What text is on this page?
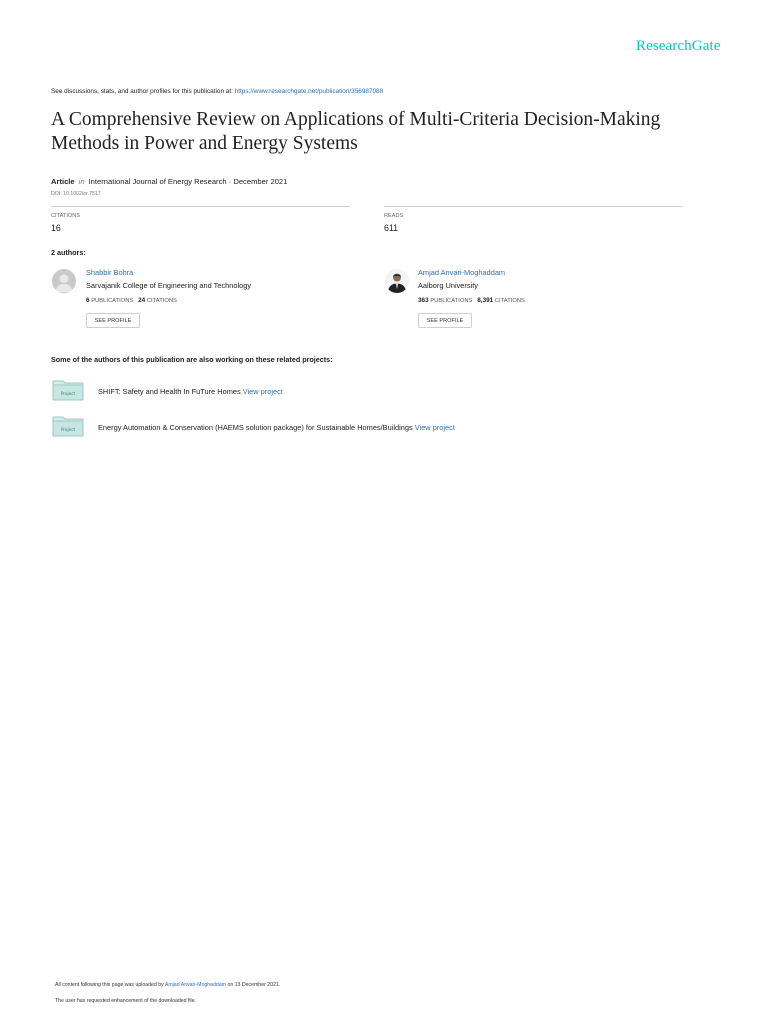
ResearchGate
See discussions, stats, and author profiles for this publication at: https://www.researchgate.net/publication/356987088
A Comprehensive Review on Applications of Multi-Criteria Decision-Making Methods in Power and Energy Systems
Article in International Journal of Energy Research · December 2021
DOI: 10.1002/er.7517
CITATIONS
16
READS
611
2 authors:
Shabbir Bohra
Sarvajanik College of Engineering and Technology
6 PUBLICATIONS 24 CITATIONS
SEE PROFILE
Amjad Anvari-Moghaddam
Aalborg University
363 PUBLICATIONS 8,391 CITATIONS
SEE PROFILE
Some of the authors of this publication are also working on these related projects:
Project	SHIFT: Safety and Health In FuTure Homes View project
Project	Energy Automation & Conservation (HAEMS solution package) for Sustainable Homes/Buildings View project
All content following this page was uploaded by Amjad Anvari-Moghaddam on 13 December 2021.
The user has requested enhancement of the downloaded file.
